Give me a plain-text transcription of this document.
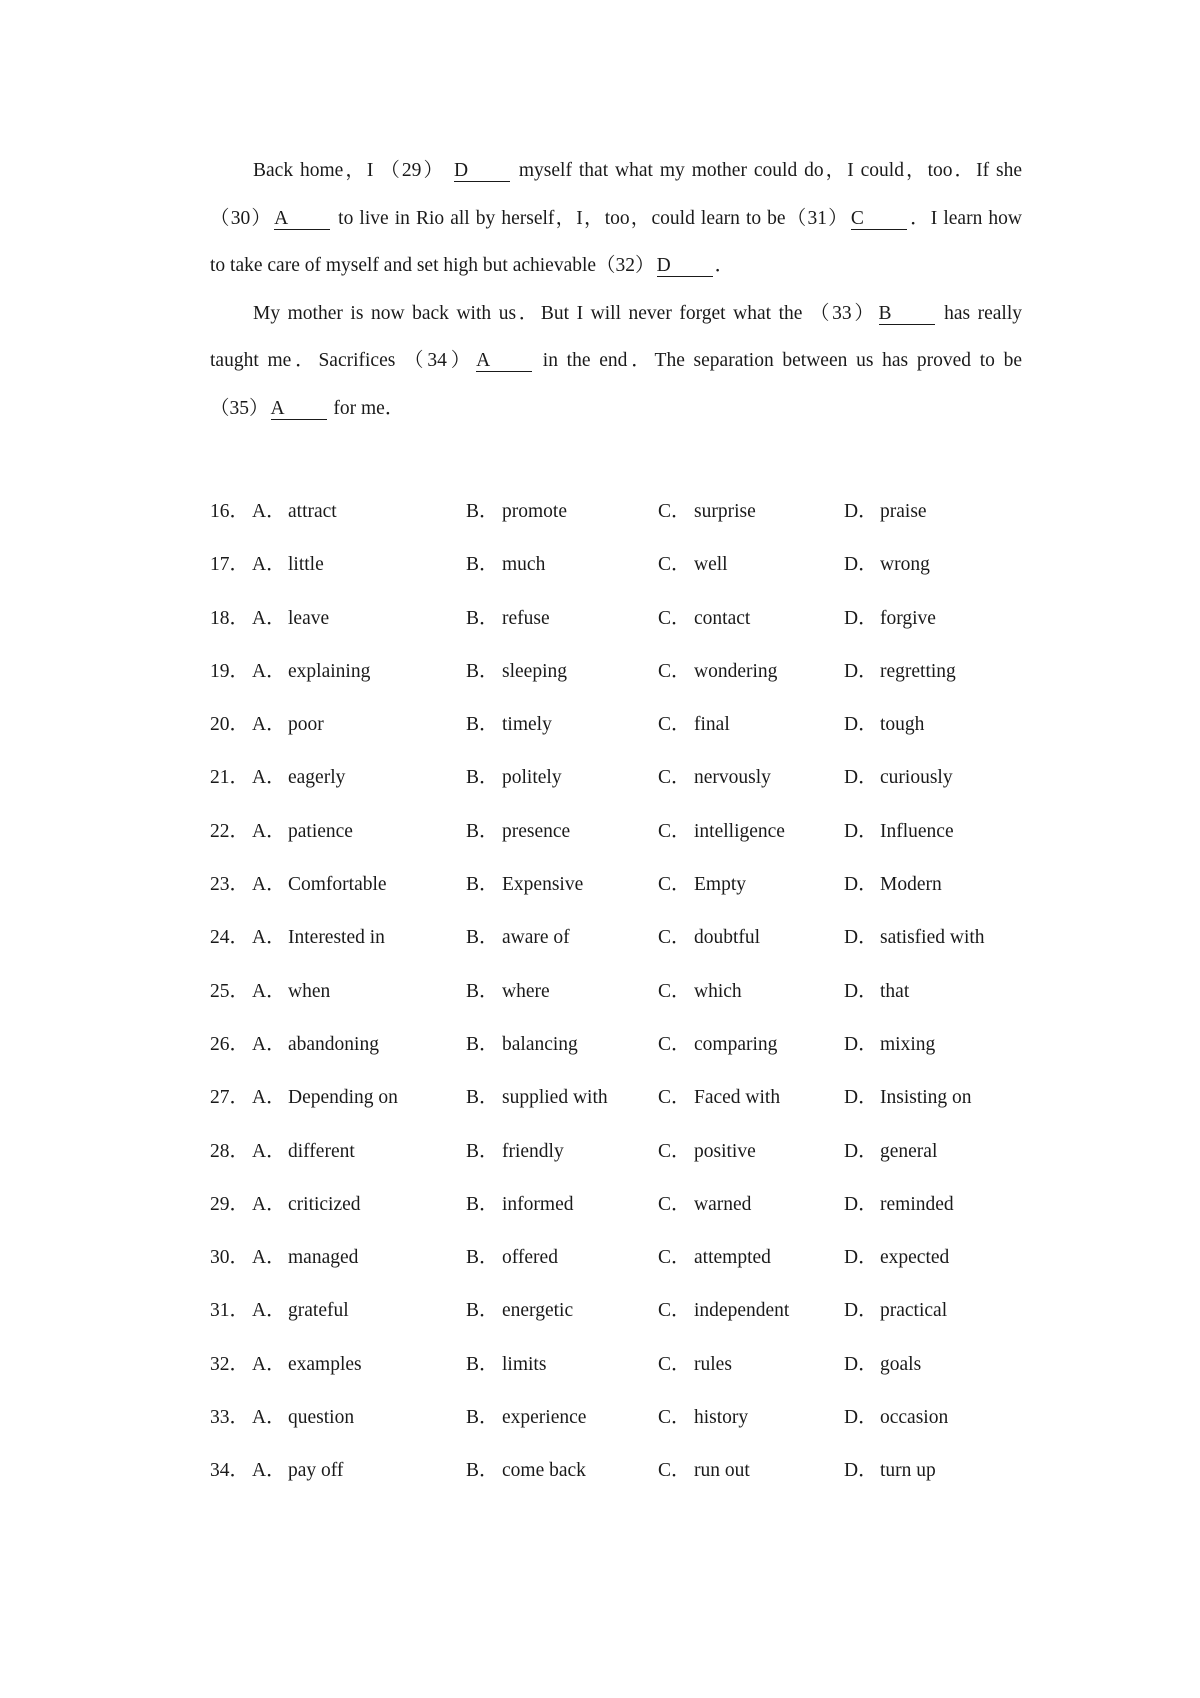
Back home，I （29） D	myself that what my mother could do，I could，too．If she
（30） A	to live in Rio all by herself，I，too，could learn to be（31） C ．I learn how
to take care of myself and set high but achievable（32） D ．
My mother is now back with us．But I will never forget what the （33） B	has really
taught me．Sacrifices （34） A	in the end．The separation between us has proved to be
（35） A	for me．
16． A． attract	B． promote	C． surprise	D． praise
17． A． little	B． much	C． well	D． wrong
18． A． leave	B． refuse	C． contact	D． forgive
19． A． explaining	B． sleeping	C． wondering	D． regretting
20． A． poor	B． timely	C． final	D． tough
21． A． eagerly	B． politely	C． nervously	D． curiously
22． A． patience	B． presence	C． intelligence	D． Influence
23． A． Comfortable	B． Expensive	C． Empty	D． Modern
24． A． Interested in	B． aware of	C． doubtful	D． satisfied with
25． A． when	B． where	C． which	D． that
26． A． abandoning	B． balancing	C． comparing	D． mixing
27． A． Depending on	B． supplied with	C． Faced with	D． Insisting on
28． A． different	B． friendly	C． positive	D． general
29． A． criticized	B． informed	C． warned	D． reminded
30． A． managed	B． offered	C． attempted	D． expected
31． A． grateful	B． energetic	C． independent	D． practical
32． A． examples	B． limits	C． rules	D． goals
33． A． question	B． experience	C． history	D． occasion
34． A． pay off	B． come back	C． run out	D． turn up
